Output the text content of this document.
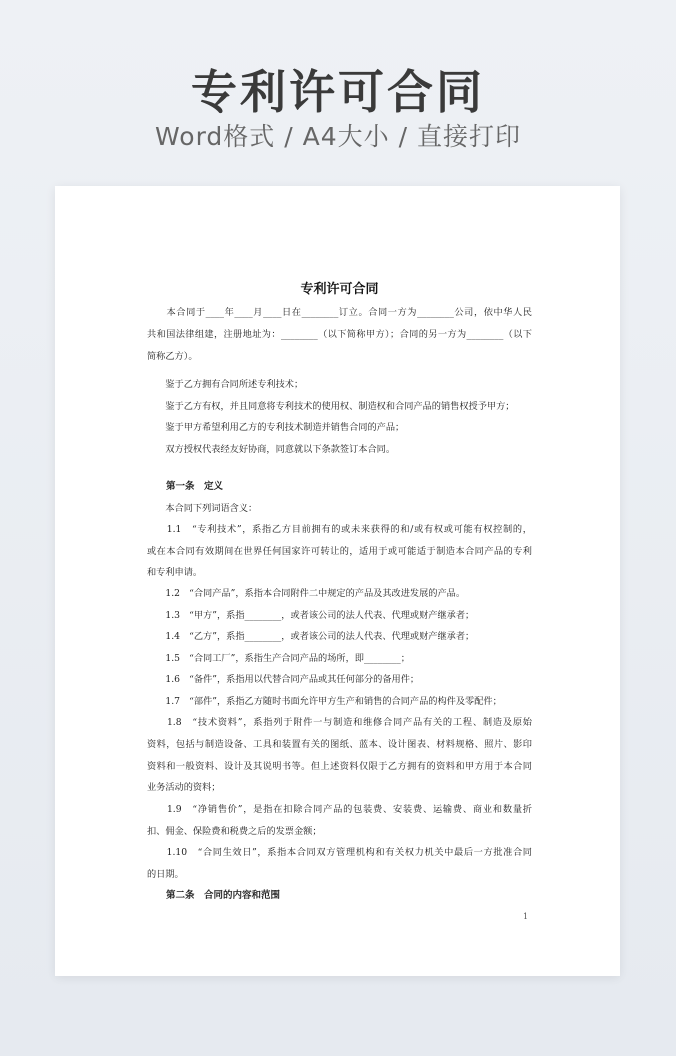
专利许可合同
Word格式 / A4大小 / 直接打印
专利许可合同
　　本合同于____年____月____日在________订立。合同一方为________公司，依中华人民
共和国法律组建，注册地址为：________（以下简称甲方）；合同的另一方为________（以下
简称乙方）。
　　鉴于乙方拥有合同所述专利技术；
　　鉴于乙方有权，并且同意将专利技术的使用权、制造权和合同产品的销售权授予甲方；
　　鉴于甲方希望利用乙方的专利技术制造并销售合同的产品；
　　双方授权代表经友好协商，同意就以下条款签订本合同。
　　第一条　定义
　　本合同下列词语含义：
　　1.1　“专利技术”，系指乙方目前拥有的或未来获得的和/或有权或可能有权控制的，
或在本合同有效期间在世界任何国家许可转让的，适用于或可能适于制造本合同产品的专利
和专利申请。
　　1.2　“合同产品”，系指本合同附件二中规定的产品及其改进发展的产品。
　　1.3　“甲方”，系指________，或者该公司的法人代表、代理或财产继承者；
　　1.4　“乙方”，系指________，或者该公司的法人代表、代理或财产继承者；
　　1.5　“合同工厂”，系指生产合同产品的场所，即________；
　　1.6　“备件”，系指用以代替合同产品或其任何部分的备用件；
　　1.7　“部件”，系指乙方随时书面允许甲方生产和销售的合同产品的构件及零配件；
　　1.8　“技术资料”，系指列于附件一与制造和维修合同产品有关的工程、制造及原始
资料，包括与制造设备、工具和装置有关的图纸、蓝本、设计图表、材料规格、照片、影印
资料和一般资料、设计及其说明书等。但上述资料仅限于乙方拥有的资料和甲方用于本合同
业务活动的资料；
　　1.9　“净销售价”，是指在扣除合同产品的包装费、安装费、运输费、商业和数量折
扣、佣金、保险费和税费之后的发票金额；
　　1.10　“合同生效日”，系指本合同双方管理机构和有关权力机关中最后一方批准合同
的日期。
　　第二条　合同的内容和范围
1
